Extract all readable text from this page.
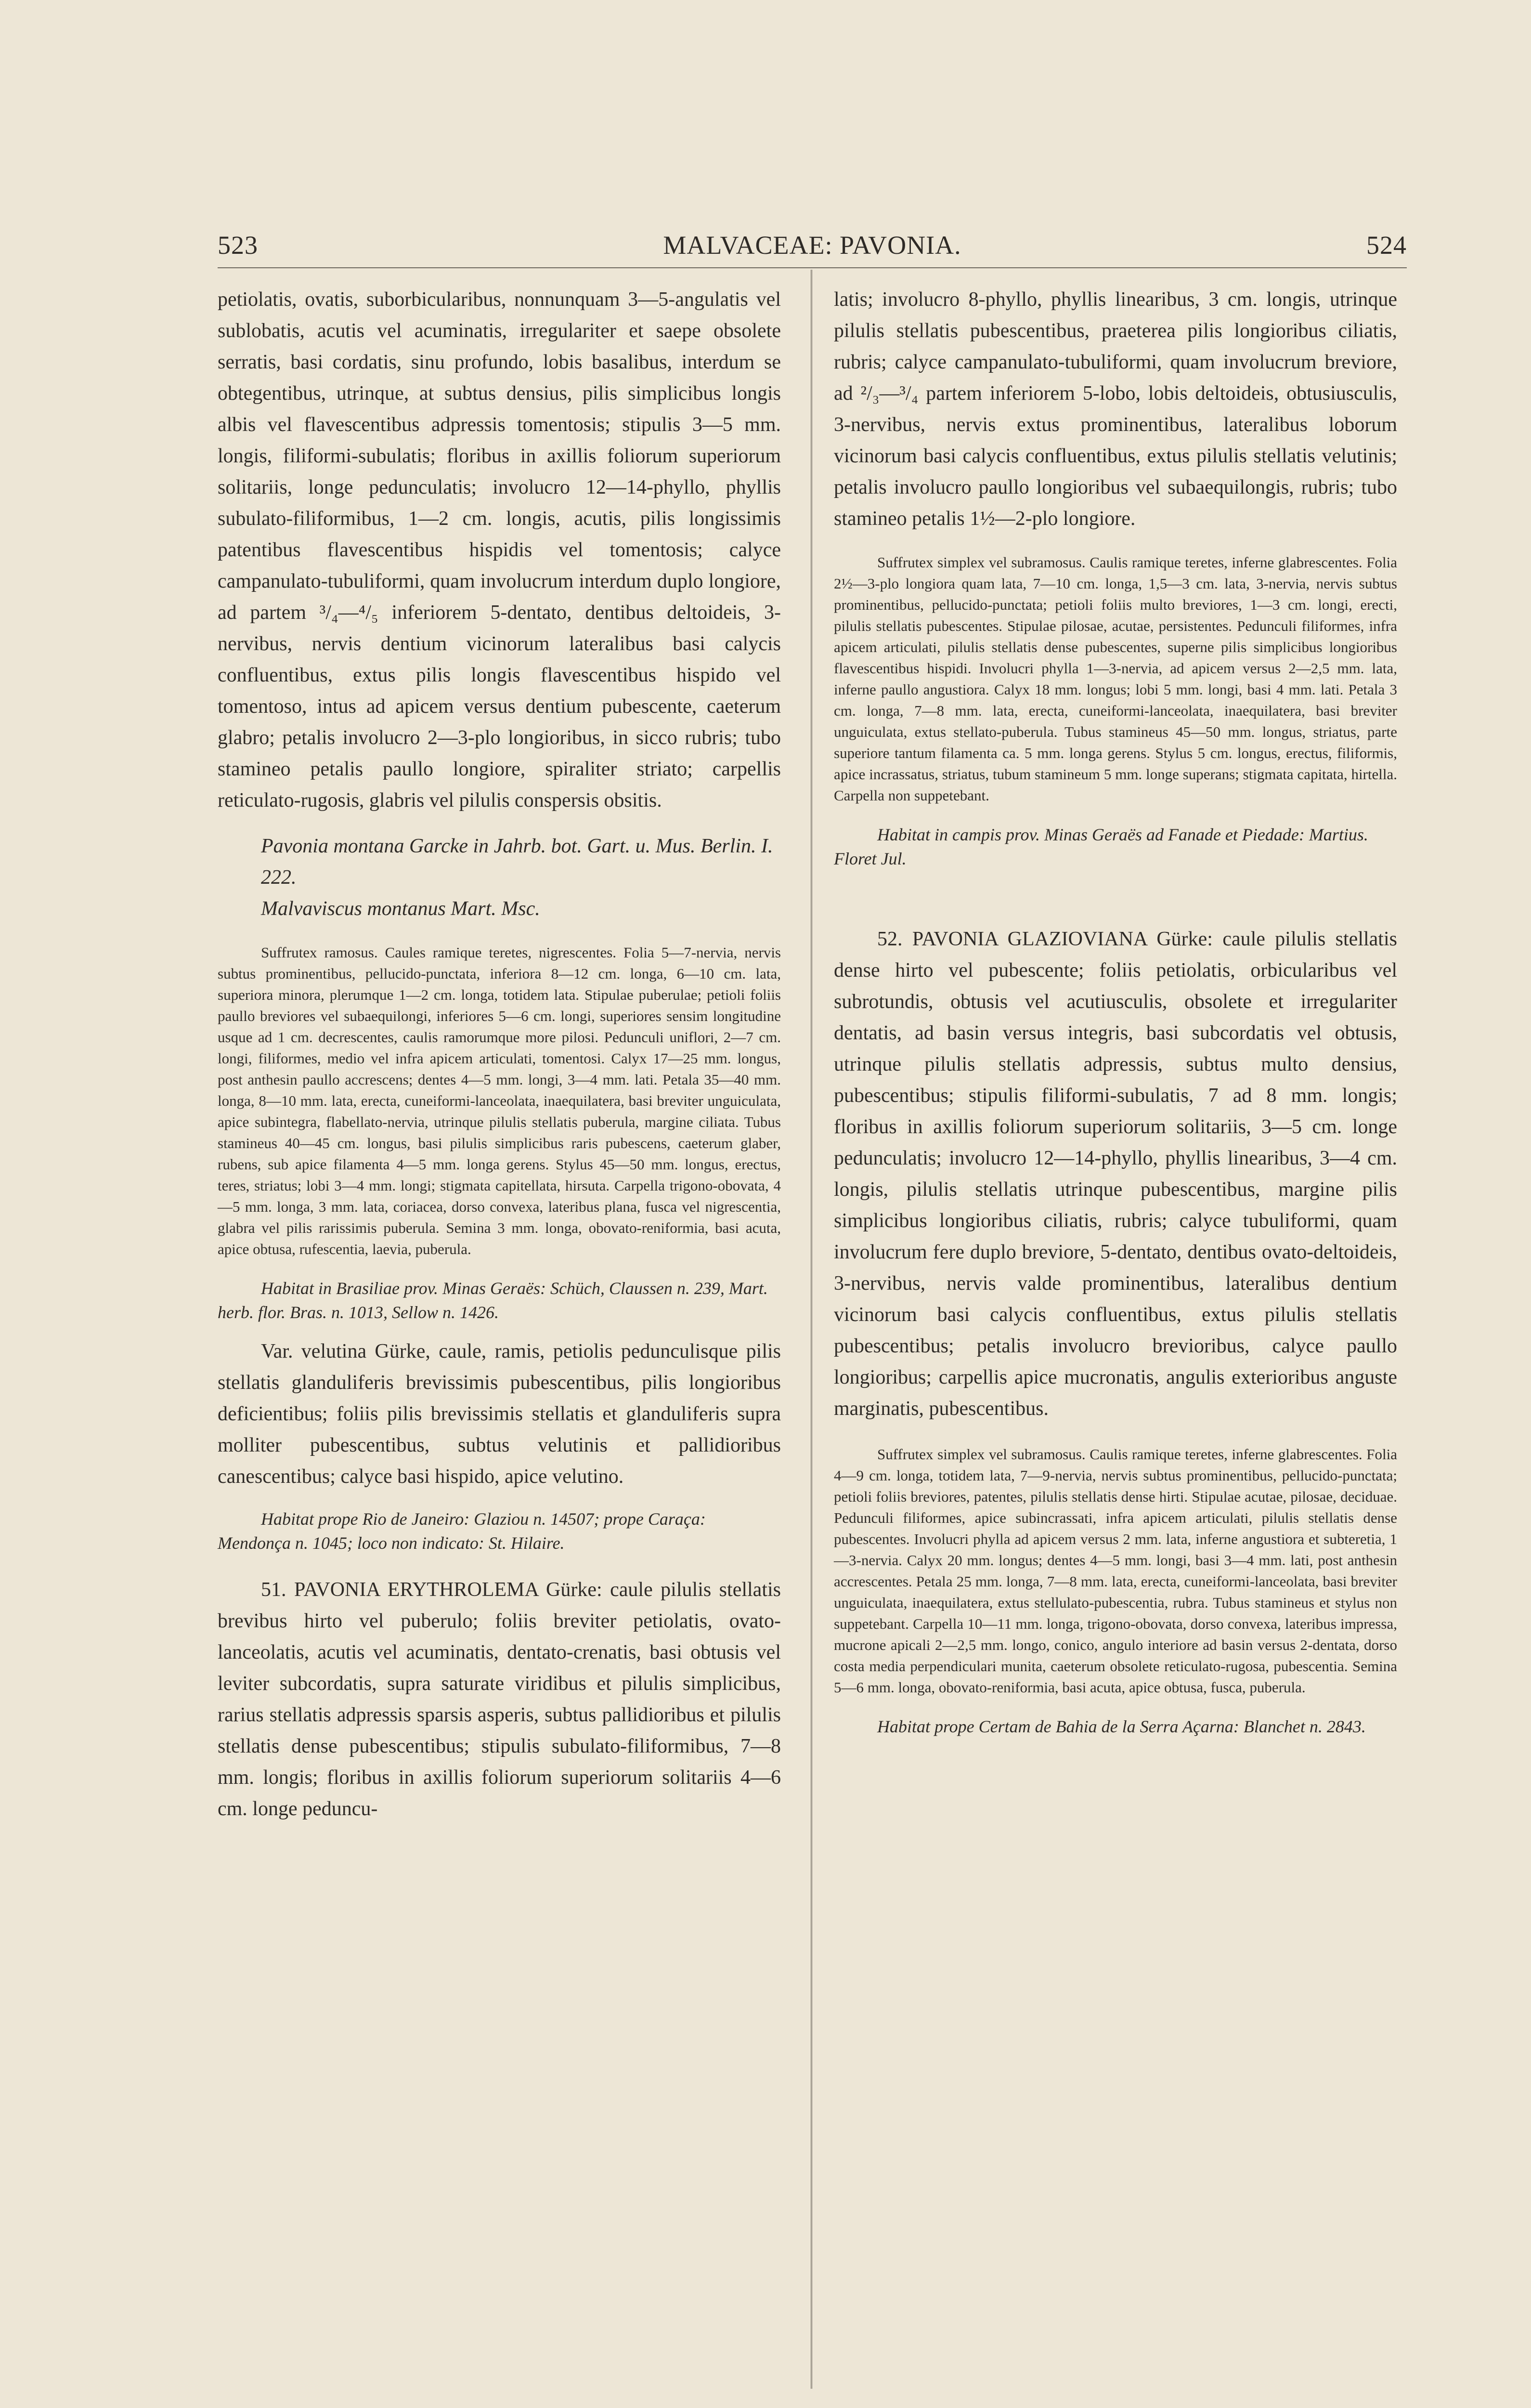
523	MALVACEAE: PAVONIA.	524

petiolatis, ovatis, suborbicularibus, nonnunquam 3—5-angulatis vel sublobatis, acutis vel acuminatis, irregulariter et saepe obsolete serratis, basi cordatis, sinu profundo, lobis basalibus, interdum se obtegentibus, utrinque, at subtus densius, pilis simplicibus longis albis vel flavescentibus adpressis tomentosis; stipulis 3—5 mm. longis, filiformi-subulatis; floribus in axillis foliorum superiorum solitariis, longe pedunculatis; involucro 12—14-phyllo, phyllis subulato-filiformibus, 1—2 cm. longis, acutis, pilis longissimis patentibus flavescentibus hispidis vel tomentosis; calyce campanulato-tubuliformi, quam involucrum interdum duplo longiore, ad partem ³/₄—⁴/₅ inferiorem 5-dentato, dentibus deltoideis, 3-nervibus, nervis dentium vicinorum lateralibus basi calycis confluentibus, extus pilis longis flavescentibus hispido vel tomentoso, intus ad apicem versus dentium pubescente, caeterum glabro; petalis involucro 2—3-plo longioribus, in sicco rubris; tubo stamineo petalis paullo longiore, spiraliter striato; carpellis reticulato-rugosis, glabris vel pilulis conspersis obsitis.

Pavonia montana Garcke in Jahrb. bot. Gart. u. Mus. Berlin. I. 222.

Malvaviscus montanus Mart. Msc.

Suffrutex ramosus. Caules ramique teretes, nigrescentes. Folia 5—7-nervia, nervis subtus prominentibus, pellucido-punctata, inferiora 8—12 cm. longa, 6—10 cm. lata, superiora minora, plerumque 1—2 cm. longa, totidem lata. Stipulae puberulae; petioli foliis paullo breviores vel subaequilongi, inferiores 5—6 cm. longi, superiores sensim longitudine usque ad 1 cm. decrescentes, caulis ramorumque more pilosi. Pedunculi uniflori, 2—7 cm. longi, filiformes, medio vel infra apicem articulati, tomentosi. Calyx 17—25 mm. longus, post anthesin paullo accrescens; dentes 4—5 mm. longi, 3—4 mm. lati. Petala 35—40 mm. longa, 8—10 mm. lata, erecta, cuneiformi-lanceolata, inaequilatera, basi breviter unguiculata, apice subintegra, flabellato-nervia, utrinque pilulis stellatis puberula, margine ciliata. Tubus stamineus 40—45 cm. longus, basi pilulis simplicibus raris pubescens, caeterum glaber, rubens, sub apice filamenta 4—5 mm. longa gerens. Stylus 45—50 mm. longus, erectus, teres, striatus; lobi 3—4 mm. longi; stigmata capitellata, hirsuta. Carpella trigono-obovata, 4—5 mm. longa, 3 mm. lata, coriacea, dorso convexa, lateribus plana, fusca vel nigrescentia, glabra vel pilis rarissimis puberula. Semina 3 mm. longa, obovato-reniformia, basi acuta, apice obtusa, rufescentia, laevia, puberula.

Habitat in Brasiliae prov. Minas Geraës: Schüch, Claussen n. 239, Mart. herb. flor. Bras. n. 1013, Sellow n. 1426.

Var. velutina Gürke, caule, ramis, petiolis pedunculisque pilis stellatis glanduliferis brevissimis pubescentibus, pilis longioribus deficientibus; foliis pilis brevissimis stellatis et glanduliferis supra molliter pubescentibus, subtus velutinis et pallidioribus canescentibus; calyce basi hispido, apice velutino.

Habitat prope Rio de Janeiro: Glaziou n. 14507; prope Caraça: Mendonça n. 1045; loco non indicato: St. Hilaire.

51. PAVONIA ERYTHROLEMA Gürke: caule pilulis stellatis brevibus hirto vel puberulo; foliis breviter petiolatis, ovato-lanceolatis, acutis vel acuminatis, dentato-crenatis, basi obtusis vel leviter subcordatis, supra saturate viridibus et pilulis simplicibus, rarius stellatis adpressis sparsis asperis, subtus pallidioribus et pilulis stellatis dense pubescentibus; stipulis subulato-filiformibus, 7—8 mm. longis; floribus in axillis foliorum superiorum solitariis 4—6 cm. longe peduncu-

latis; involucro 8-phyllo, phyllis linearibus, 3 cm. longis, utrinque pilulis stellatis pubescentibus, praeterea pilis longioribus ciliatis, rubris; calyce campanulato-tubuliformi, quam involucrum breviore, ad ²/₃—³/₄ partem inferiorem 5-lobo, lobis deltoideis, obtusiusculis, 3-nervibus, nervis extus prominentibus, lateralibus loborum vicinorum basi calycis confluentibus, extus pilulis stellatis velutinis; petalis involucro paullo longioribus vel subaequilongis, rubris; tubo stamineo petalis 1½—2-plo longiore.

Suffrutex simplex vel subramosus. Caulis ramique teretes, inferne glabrescentes. Folia 2½—3-plo longiora quam lata, 7—10 cm. longa, 1,5—3 cm. lata, 3-nervia, nervis subtus prominentibus, pellucido-punctata; petioli foliis multo breviores, 1—3 cm. longi, erecti, pilulis stellatis pubescentes. Stipulae pilosae, acutae, persistentes. Pedunculi filiformes, infra apicem articulati, pilulis stellatis dense pubescentes, superne pilis simplicibus longioribus flavescentibus hispidi. Involucri phylla 1—3-nervia, ad apicem versus 2—2,5 mm. lata, inferne paullo angustiora. Calyx 18 mm. longus; lobi 5 mm. longi, basi 4 mm. lati. Petala 3 cm. longa, 7—8 mm. lata, erecta, cuneiformi-lanceolata, inaequilatera, basi breviter unguiculata, extus stellato-puberula. Tubus stamineus 45—50 mm. longus, striatus, parte superiore tantum filamenta ca. 5 mm. longa gerens. Stylus 5 cm. longus, erectus, filiformis, apice incrassatus, striatus, tubum stamineum 5 mm. longe superans; stigmata capitata, hirtella. Carpella non suppetebant.

Habitat in campis prov. Minas Geraës ad Fanade et Piedade: Martius. Floret Jul.

52. PAVONIA GLAZIOVIANA Gürke: caule pilulis stellatis dense hirto vel pubescente; foliis petiolatis, orbicularibus vel subrotundis, obtusis vel acutiusculis, obsolete et irregulariter dentatis, ad basin versus integris, basi subcordatis vel obtusis, utrinque pilulis stellatis adpressis, subtus multo densius, pubescentibus; stipulis filiformi-subulatis, 7 ad 8 mm. longis; floribus in axillis foliorum superiorum solitariis, 3—5 cm. longe pedunculatis; involucro 12—14-phyllo, phyllis linearibus, 3—4 cm. longis, pilulis stellatis utrinque pubescentibus, margine pilis simplicibus longioribus ciliatis, rubris; calyce tubuliformi, quam involucrum fere duplo breviore, 5-dentato, dentibus ovato-deltoideis, 3-nervibus, nervis valde prominentibus, lateralibus dentium vicinorum basi calycis confluentibus, extus pilulis stellatis pubescentibus; petalis involucro brevioribus, calyce paullo longioribus; carpellis apice mucronatis, angulis exterioribus anguste marginatis, pubescentibus.

Suffrutex simplex vel subramosus. Caulis ramique teretes, inferne glabrescentes. Folia 4—9 cm. longa, totidem lata, 7—9-nervia, nervis subtus prominentibus, pellucido-punctata; petioli foliis breviores, patentes, pilulis stellatis dense hirti. Stipulae acutae, pilosae, deciduae. Pedunculi filiformes, apice subincrassati, infra apicem articulati, pilulis stellatis dense pubescentes. Involucri phylla ad apicem versus 2 mm. lata, inferne angustiora et subteretia, 1—3-nervia. Calyx 20 mm. longus; dentes 4—5 mm. longi, basi 3—4 mm. lati, post anthesin accrescentes. Petala 25 mm. longa, 7—8 mm. lata, erecta, cuneiformi-lanceolata, basi breviter unguiculata, inaequilatera, extus stellulato-pubescentia, rubra. Tubus stamineus et stylus non suppetebant. Carpella 10—11 mm. longa, trigono-obovata, dorso convexa, lateribus impressa, mucrone apicali 2—2,5 mm. longo, conico, angulo interiore ad basin versus 2-dentata, dorso costa media perpendiculari munita, caeterum obsolete reticulato-rugosa, pubescentia. Semina 5—6 mm. longa, obovato-reniformia, basi acuta, apice obtusa, fusca, puberula.

Habitat prope Certam de Bahia de la Serra Açarna: Blanchet n. 2843.
